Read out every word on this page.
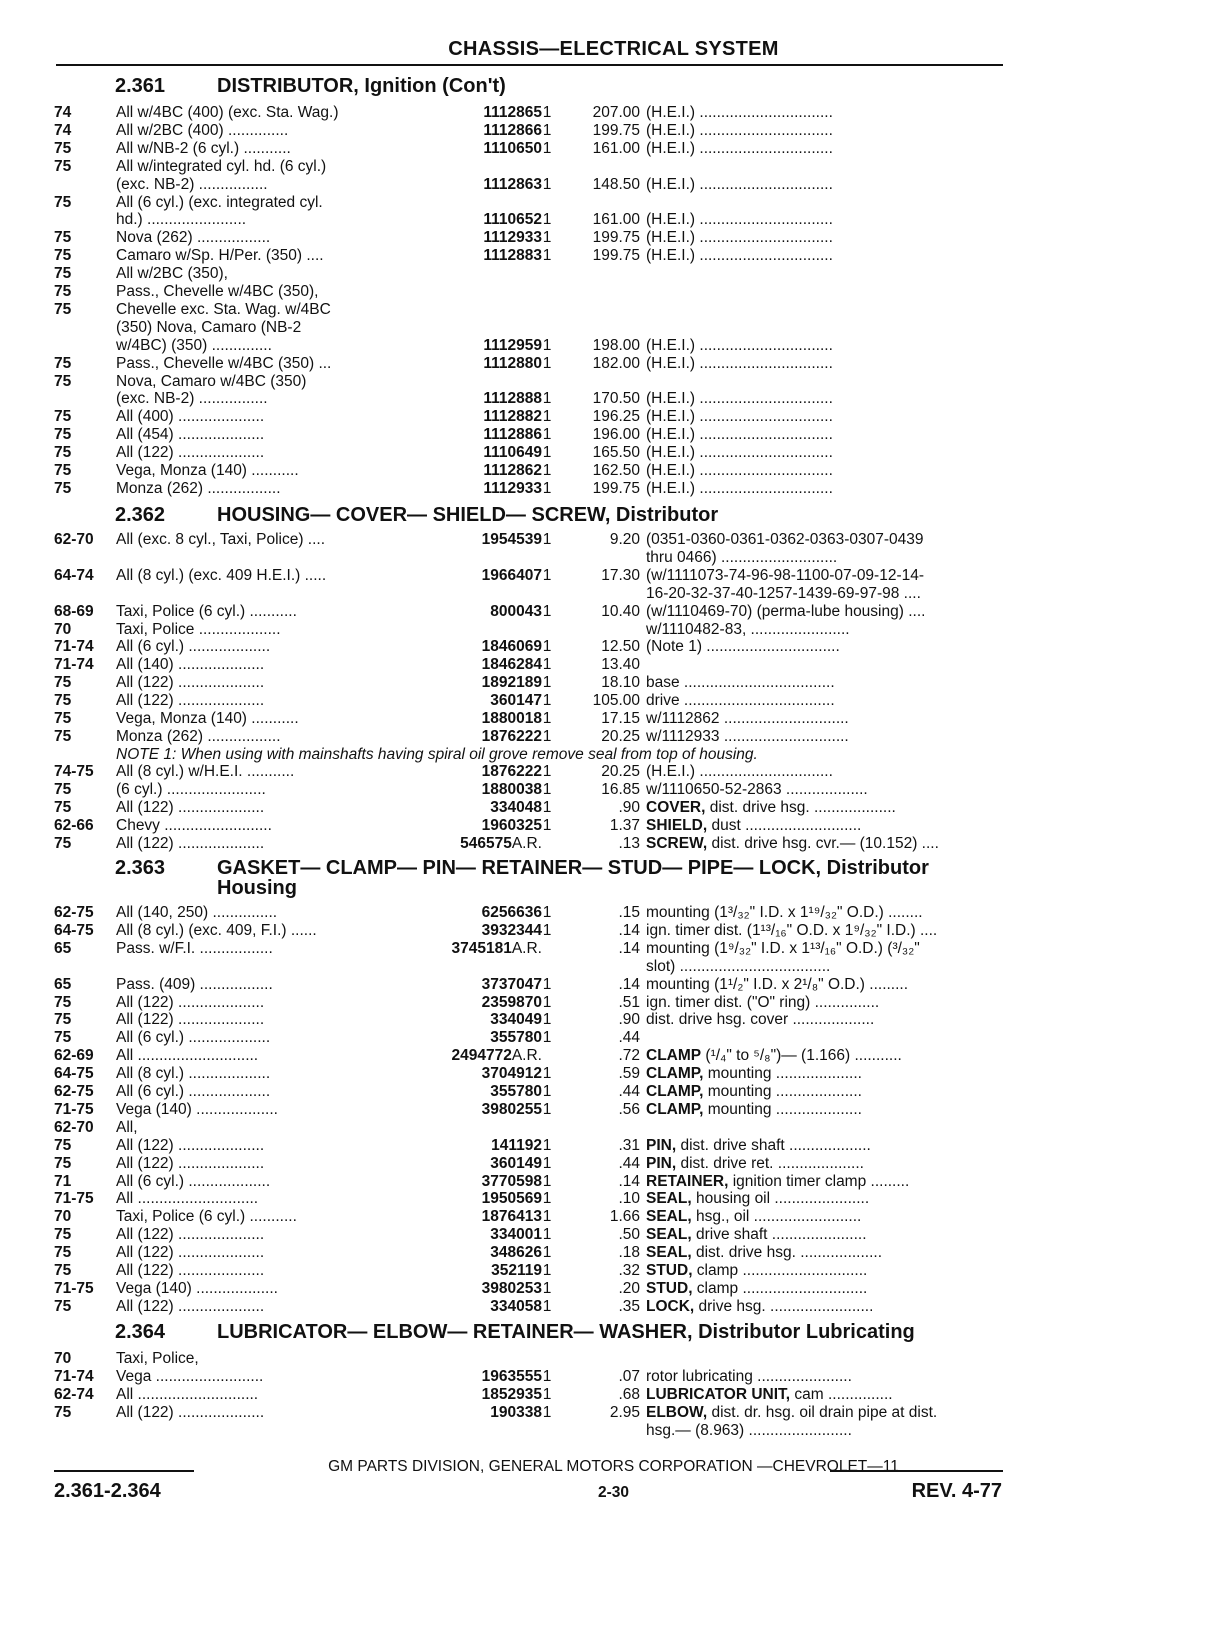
CHASSIS—ELECTRICAL SYSTEM
2.361	DISTRIBUTOR, Ignition (Con't)
74	All w/4BC (400) (exc. Sta. Wag.)	1112865 1	207.00 (H.E.I.) ...............................
74	All w/2BC (400) ..............	1112866 1	199.75 (H.E.I.) ...............................
75	All w/NB-2 (6 cyl.) ...........	1110650 1	161.00 (H.E.I.) ...............................
75	All w/integrated cyl. hd. (6 cyl.)
(exc. NB-2) ................	1112863 1	148.50 (H.E.I.) ...............................
75	All (6 cyl.) (exc. integrated cyl.
hd.) .......................	1110652 1	161.00 (H.E.I.) ...............................
75	Nova (262) .................	1112933 1	199.75 (H.E.I.) ...............................
75	Camaro w/Sp. H/Per. (350) ....	1112883 1	199.75 (H.E.I.) ...............................
75	All w/2BC (350),
75	Pass., Chevelle w/4BC (350),
75	Chevelle exc. Sta. Wag. w/4BC
(350) Nova, Camaro (NB-2
w/4BC) (350) ..............	1112959 1	198.00 (H.E.I.) ...............................
75	Pass., Chevelle w/4BC (350) ...	1112880 1	182.00 (H.E.I.) ...............................
75	Nova, Camaro w/4BC (350)
(exc. NB-2) ................	1112888 1	170.50 (H.E.I.) ...............................
75	All (400) ....................	1112882 1	196.25 (H.E.I.) ...............................
75	All (454) ....................	1112886 1	196.00 (H.E.I.) ...............................
75	All (122) ....................	1110649 1	165.50 (H.E.I.) ...............................
75	Vega, Monza (140) ...........	1112862 1	162.50 (H.E.I.) ...............................
75	Monza (262) .................	1112933 1	199.75 (H.E.I.) ...............................
2.362	HOUSING— COVER— SHIELD— SCREW, Distributor
62-70 All (exc. 8 cyl., Taxi, Police) ....	1954539 1	9.20 (0351-0360-0361-0362-0363-0307-0439
thru 0466) ...........................
64-74 All (8 cyl.) (exc. 409 H.E.I.) .....	1966407 1	17.30 (w/1111073-74-96-98-1100-07-09-12-14-
16-20-32-37-40-1257-1439-69-97-98 ....
68-69 Taxi, Police (6 cyl.) ...........	800043 1	10.40 (w/1110469-70) (perma-lube housing) ....
70	Taxi, Police ...................	w/1110482-83, .......................
71-74 All (6 cyl.) ...................	1846069 1	12.50 (Note 1) ...............................
71-74 All (140) ....................	1846284 1	13.40
75	All (122) ....................	1892189 1	18.10 base ...................................
75	All (122) ....................	360147 1	105.00 drive ...................................
75	Vega, Monza (140) ...........	1880018 1	17.15 w/1112862 .............................
75	Monza (262) .................	1876222 1	20.25 w/1112933 .............................
NOTE 1: When using with mainshafts having spiral oil grove remove seal from top of housing.
74-75 All (8 cyl.) w/H.E.I. ...........	1876222 1	20.25 (H.E.I.) ...............................
75	(6 cyl.) .......................	1880038 1	16.85 w/1110650-52-2863 ...................
75	All (122) ....................	334048 1	.90 COVER, dist. drive hsg. ...................
62-66 Chevy .........................	1960325 1	1.37 SHIELD, dust ...........................
75	All (122) ....................	546575A.R.	.13 SCREW, dist. drive hsg. cvr.— (10.152) ....
2.363	GASKET— CLAMP— PIN— RETAINER— STUD— PIPE— LOCK, Distributor Housing
62-75 All (140, 250) ...............	6256636 1	.15 mounting (1³/₃₂" I.D. x 1¹⁹/₃₂" O.D.) ........
64-75 All (8 cyl.) (exc. 409, F.I.) ......	3932344 1	.14 ign. timer dist. (1¹³/₁₆" O.D. x 1⁹/₃₂" I.D.) ....
65	Pass. w/F.I. .................	3745181A.R.	.14 mounting (1⁹/₃₂" I.D. x 1¹³/₁₆" O.D.) (³/₃₂"
slot) ...................................
65	Pass. (409) .................	3737047 1	.14 mounting (1¹/₂" I.D. x 2¹/₈" O.D.) .........
75	All (122) ....................	2359870 1	.51 ign. timer dist. ("O" ring) ...............
75	All (122) ....................	334049 1	.90 dist. drive hsg. cover ...................
75	All (6 cyl.) ...................	355780 1	.44
62-69 All ............................	2494772A.R.	.72 CLAMP (¹/₄" to ⁵/₈")— (1.166) ...........
64-75 All (8 cyl.) ...................	3704912 1	.59 CLAMP, mounting ....................
62-75 All (6 cyl.) ...................	355780 1	.44 CLAMP, mounting ....................
71-75 Vega (140) ...................	3980255 1	.56 CLAMP, mounting ....................
62-70 All,
75	All (122) ....................	141192 1	.31 PIN, dist. drive shaft ...................
75	All (122) ....................	360149 1	.44 PIN, dist. drive ret. ....................
71	All (6 cyl.) ...................	3770598 1	.14 RETAINER, ignition timer clamp .........
71-75 All ............................	1950569 1	.10 SEAL, housing oil ......................
70	Taxi, Police (6 cyl.) ...........	1876413 1	1.66 SEAL, hsg., oil .........................
75	All (122) ....................	334001 1	.50 SEAL, drive shaft ......................
75	All (122) ....................	348626 1	.18 SEAL, dist. drive hsg. ...................
75	All (122) ....................	352119 1	.32 STUD, clamp .............................
71-75 Vega (140) ...................	3980253 1	.20 STUD, clamp .............................
75	All (122) ....................	334058 1	.35 LOCK, drive hsg. ........................
2.364	LUBRICATOR— ELBOW— RETAINER— WASHER, Distributor Lubricating
70	Taxi, Police,
71-74 Vega .........................	1963555 1	.07 rotor lubricating ......................
62-74 All ............................	1852935 1	.68 LUBRICATOR UNIT, cam ...............
75	All (122) ....................	190338 1	2.95 ELBOW, dist. dr. hsg. oil drain pipe at dist.
hsg.— (8.963) ........................
GM PARTS DIVISION, GENERAL MOTORS CORPORATION —CHEVROLET—11
2.361-2.364	2-30	REV. 4-77
